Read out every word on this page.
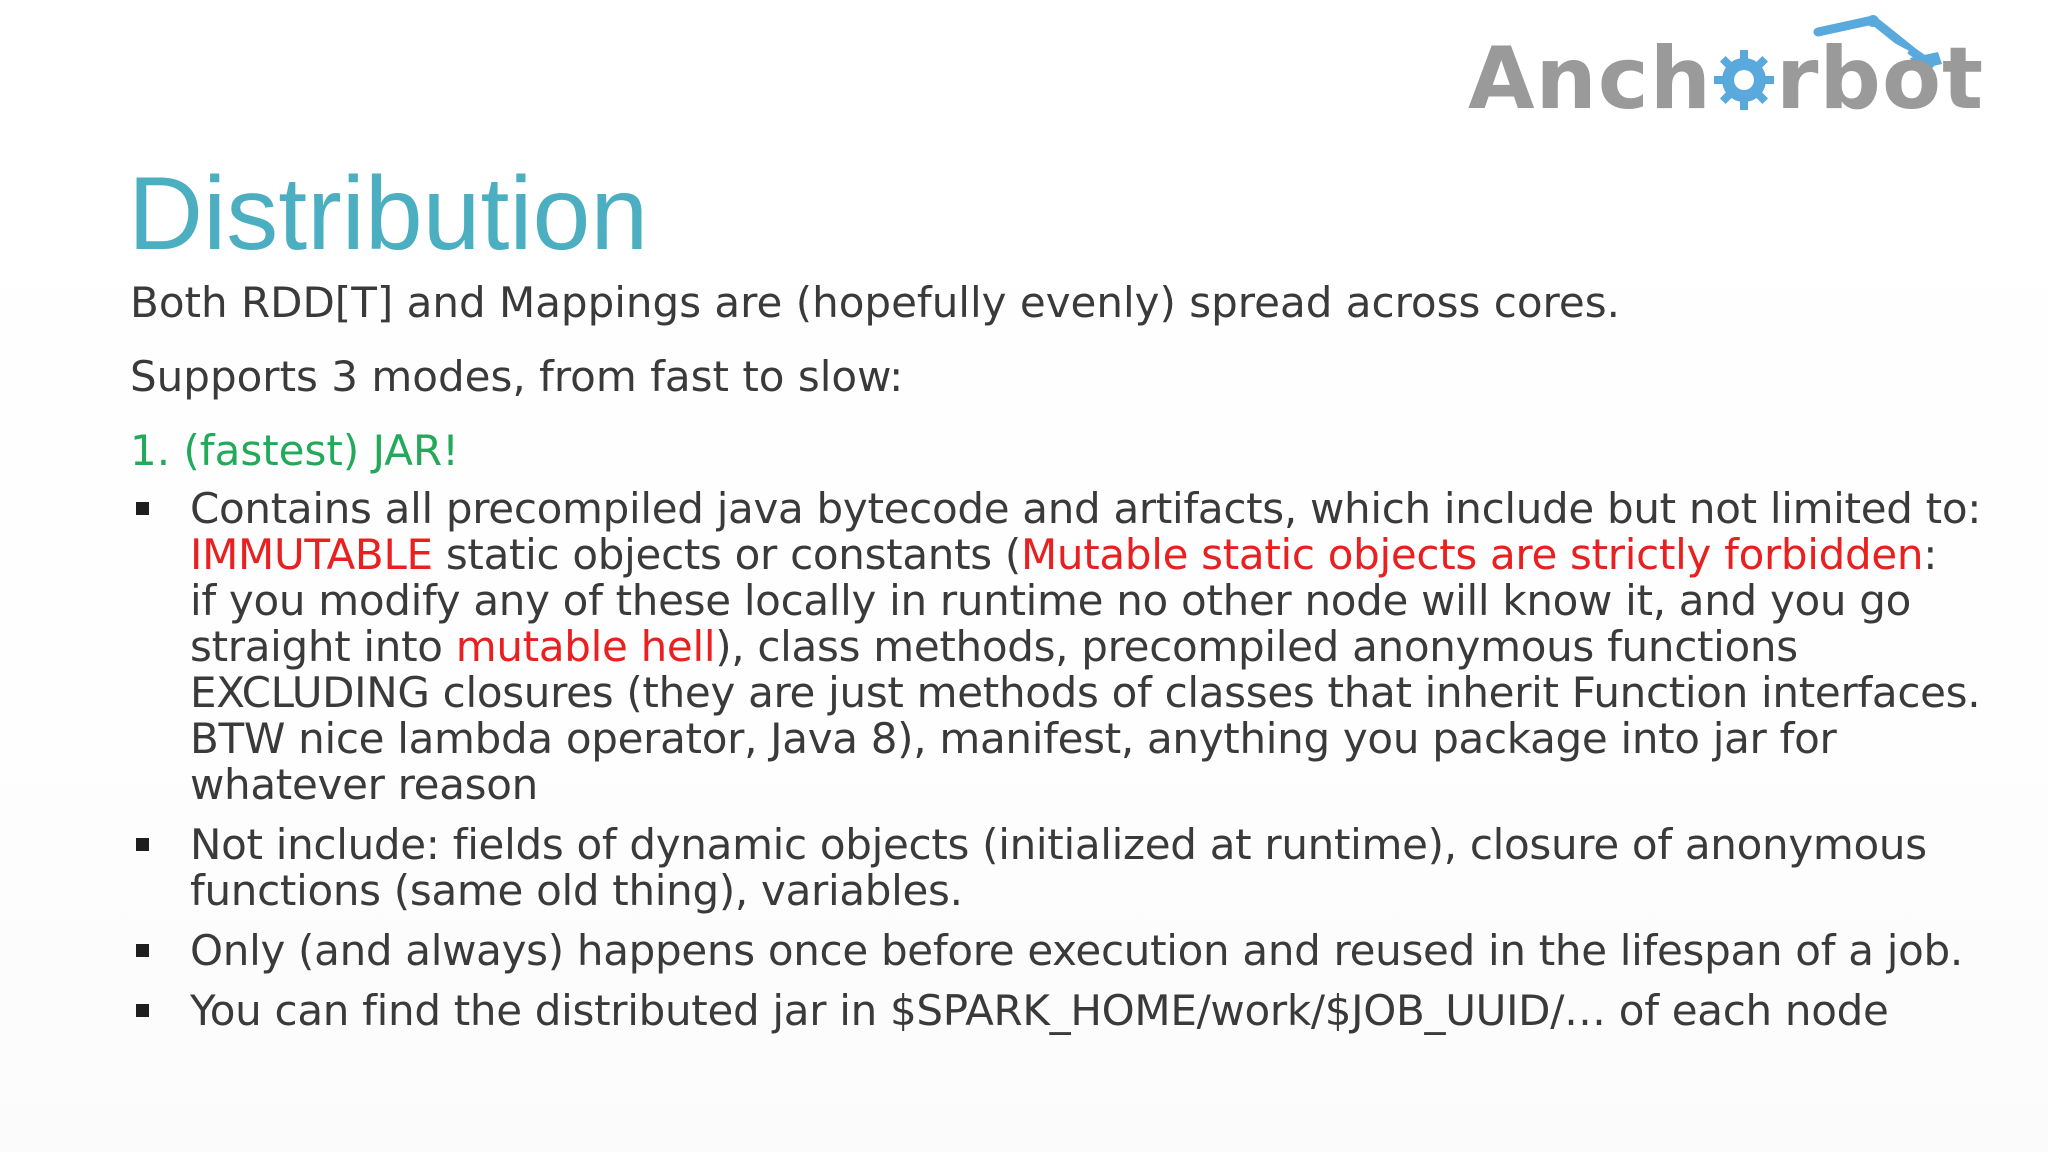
Anch rbot
Distribution
Both RDD[T] and Mappings are (hopefully evenly) spread across cores.
Supports 3 modes, from fast to slow:
1. (fastest) JAR!
Contains all precompiled java bytecode and artifacts, which include but not limited to:
IMMUTABLE static objects or constants (Mutable static objects are strictly forbidden:
if you modify any of these locally in runtime no other node will know it, and you go
straight into mutable hell), class methods, precompiled anonymous functions
EXCLUDING closures (they are just methods of classes that inherit Function interfaces.
BTW nice lambda operator, Java 8), manifest, anything you package into jar for
whatever reason
Not include: fields of dynamic objects (initialized at runtime), closure of anonymous
functions (same old thing), variables.
Only (and always) happens once before execution and reused in the lifespan of a job.
You can find the distributed jar in $SPARK_HOME/work/$JOB_UUID/… of each node
